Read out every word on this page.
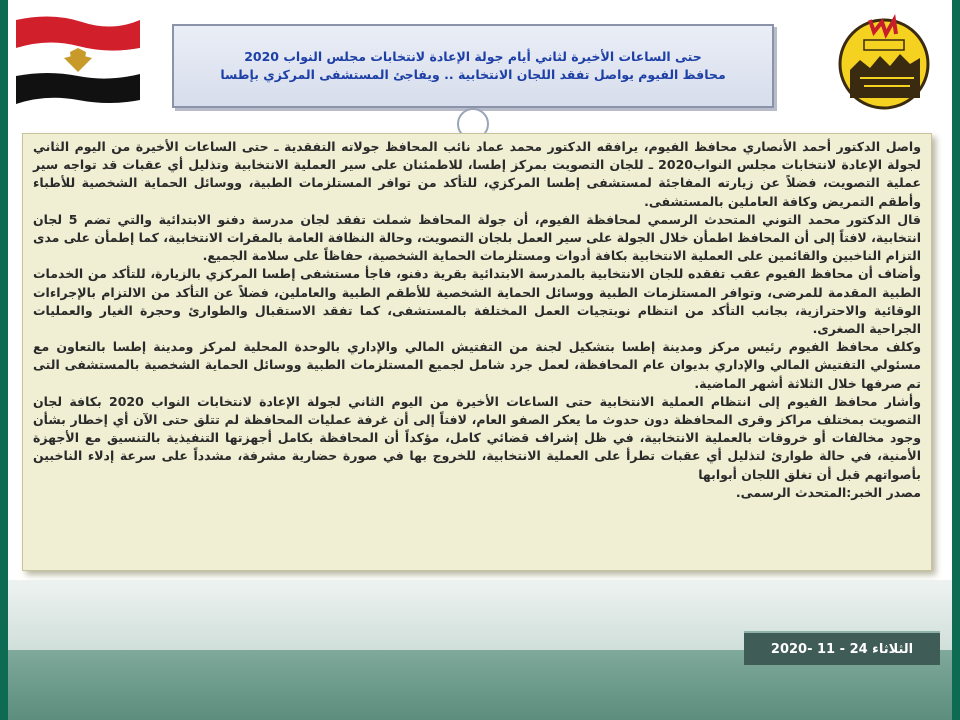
حتى الساعات الأخيرة لثاني أيام جولة الإعادة لانتخابات مجلس النواب 2020
محافظ الفيوم يواصل تفقد اللجان الانتخابية .. ويفاجئ المستشفى المركزي بإطسا

واصل الدكتور أحمد الأنصاري محافظ الفيوم، يرافقه الدكتور محمد عماد نائب المحافظ جولاته التفقدية ـ حتى الساعات الأخيرة من اليوم الثاني لجولة الإعادة لانتخابات مجلس النواب2020 ـ للجان التصويت بمركز إطسا، للاطمئنان على سير العملية الانتخابية وتذليل أي عقبات قد تواجه سير عملية التصويت، فضلاً عن زيارته المفاجئة لمستشفى إطسا المركزي، للتأكد من توافر المستلزمات الطبية، ووسائل الحماية الشخصية للأطباء وأطقم التمريض وكافة العاملين بالمستشفى.

قال الدكتور محمد التوني المتحدث الرسمي لمحافظة الفيوم، أن جولة المحافظ شملت تفقد لجان مدرسة دفنو الابتدائية والتي تضم 5 لجان انتخابية، لافتاً إلى أن المحافظ اطمأن خلال الجولة على سير العمل بلجان التصويت، وحالة النظافة العامة بالمقرات الانتخابية، كما إطمأن على مدى التزام الناخبين والقائمين على العملية الانتخابية بكافة أدوات ومستلزمات الحماية الشخصية، حفاظاً على سلامة الجميع.

وأضاف أن محافظ الفيوم عقب تفقده للجان الانتخابية بالمدرسة الابتدائية بقرية دفنو، فاجأ مستشفى إطسا المركزي بالزيارة، للتأكد من الخدمات الطبية المقدمة للمرضى، وتوافر المستلزمات الطبية ووسائل الحماية الشخصية للأطقم الطبية والعاملين، فضلاً عن التأكد من الالتزام بالإجراءات الوقائية والاحترازية، بجانب التأكد من انتظام نوبتجيات العمل المختلفة بالمستشفى، كما تفقد الاستقبال والطوارئ وحجرة الغيار والعمليات الجراحية الصغرى.

وكلف محافظ الفيوم رئيس مركز ومدينة إطسا بتشكيل لجنة من التفتيش المالي والإداري بالوحدة المحلية لمركز ومدينة إطسا بالتعاون مع مسئولي التفتيش المالي والإداري بديوان عام المحافظة، لعمل جرد شامل لجميع المستلزمات الطبية ووسائل الحماية الشخصية بالمستشفى التى تم صرفها خلال الثلاثة أشهر الماضية.

وأشار محافظ الفيوم إلى انتظام العملية الانتخابية حتى الساعات الأخيرة من اليوم الثاني لجولة الإعادة لانتخابات النواب 2020 بكافة لجان التصويت بمختلف مراكز وقرى المحافظة دون حدوث ما يعكر الصفو العام، لافتاً إلى أن غرفة عمليات المحافظة لم تتلق حتى الآن أي إخطار بشأن وجود مخالفات أو خروقات بالعملية الانتخابية، في ظل إشراف قضائي كامل، مؤكداً أن المحافظة بكامل أجهزتها التنفيذية بالتنسيق مع الأجهزة الأمنية، في حالة طوارئ لتذليل أي عقبات تطرأ على العملية الانتخابية، للخروج بها في صورة حضارية مشرفة، مشدداً على سرعة إدلاء الناخبين بأصواتهم قبل أن تغلق اللجان أبوابها

مصدر الخبر:المتحدث الرسمى.

الثلاثاء 24 - 11 -2020
